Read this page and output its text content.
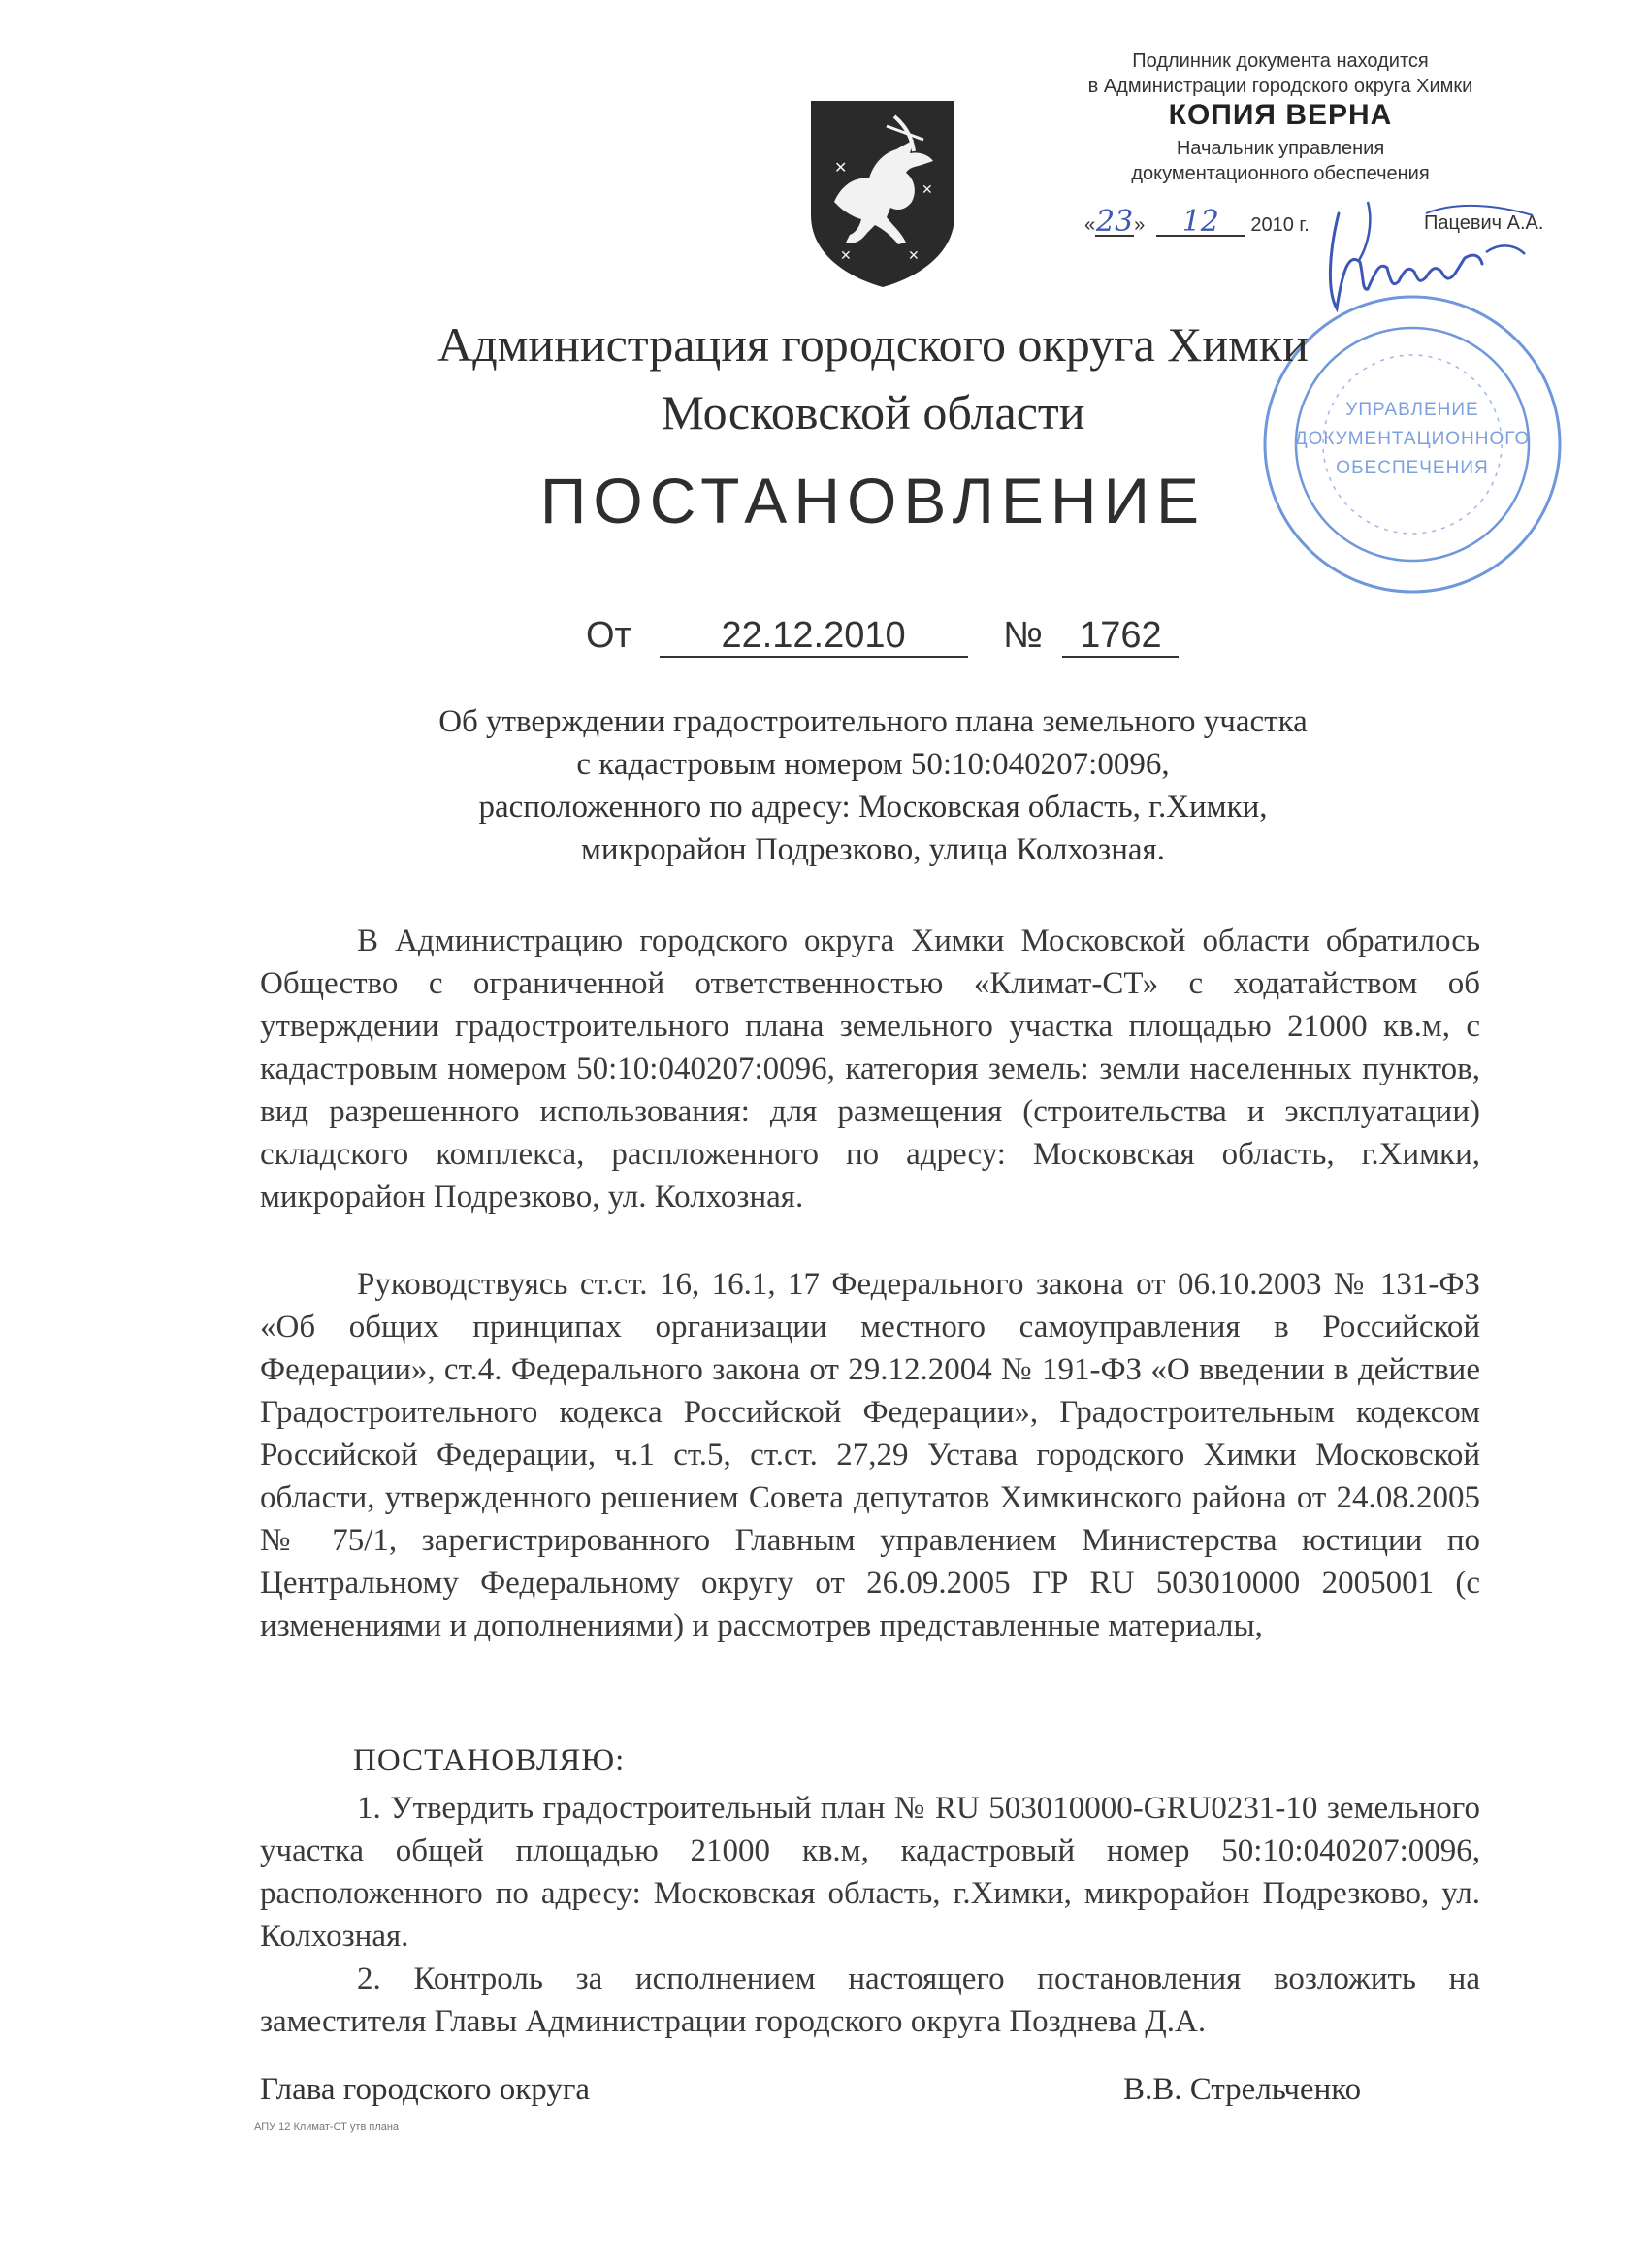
✕
✕
✕	✕
Подлинник документа находится
в Администрации городского округа Химки
КОПИЯ ВЕРНА
Начальник управления
документационного обеспечения
«23» 12 2010 г.	Пацевич А.А.
УПРАВЛЕНИЕ
ДОКУМЕНТАЦИОННОГО
ОБЕСПЕЧЕНИЯ
Администрация городского округа Химки
Московской области
ПОСТАНОВЛЕНИЕ
От 22.12.2010	№ 1762
Об утверждении градостроительного плана земельного участка
с кадастровым номером 50:10:040207:0096,
расположенного по адресу: Московская область, г.Химки,
микрорайон Подрезково, улица Колхозная.
В Администрацию городского округа Химки Московской области обратилось Общество с ограниченной ответственностью «Климат-СТ» с ходатайством об утверждении градостроительного плана земельного участка площадью 21000 кв.м, с кадастровым номером 50:10:040207:0096, категория земель: земли населенных пунктов, вид разрешенного использования: для размещения (строительства и эксплуатации) складского комплекса, распложенного по адресу: Московская область, г.Химки, микрорайон Подрезково, ул. Колхозная.
Руководствуясь ст.ст. 16, 16.1, 17 Федерального закона от 06.10.2003 № 131-ФЗ «Об общих принципах организации местного самоуправления в Российской Федерации», ст.4. Федерального закона от 29.12.2004 № 191-ФЗ «О введении в действие Градостроительного кодекса Российской Федерации», Градостроительным кодексом Российской Федерации, ч.1 ст.5, ст.ст. 27,29 Устава городского Химки Московской области, утвержденного решением Совета депутатов Химкинского района от 24.08.2005 № 75/1, зарегистрированного Главным управлением Министерства юстиции по Центральному Федеральному округу от 26.09.2005 ГР RU 503010000 2005001 (с изменениями и дополнениями) и рассмотрев представленные материалы,
ПОСТАНОВЛЯЮ:
1. Утвердить градостроительный план № RU 503010000-GRU0231-10 земельного участка общей площадью 21000 кв.м, кадастровый номер 50:10:040207:0096, расположенного по адресу: Московская область, г.Химки, микрорайон Подрезково, ул. Колхозная.
2. Контроль за исполнением настоящего постановления возложить на заместителя Главы Администрации городского округа Позднева Д.А.
Глава городского округа	В.В. Стрельченко
АПУ 12 Климат-СТ утв плана
